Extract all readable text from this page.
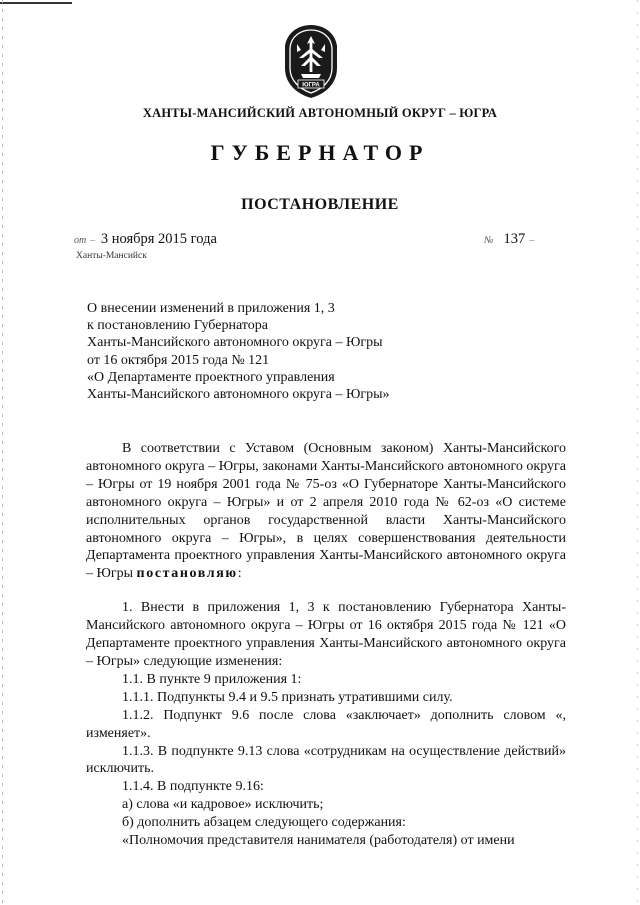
ЮГРА
ХАНТЫ-МАНСИЙСКИЙ АВТОНОМНЫЙ ОКРУГ – ЮГРА
ГУБЕРНАТОР
ПОСТАНОВЛЕНИЕ
от – 3 ноября 2015 года	№ 137 –
Ханты-Мансийск
О внесении изменений в приложения 1, 3
к постановлению Губернатора
Ханты-Мансийского автономного округа – Югры
от 16 октября 2015 года № 121
«О Департаменте проектного управления
Ханты-Мансийского автономного округа – Югры»

В соответствии с Уставом (Основным законом) Ханты-Мансийского автономного округа – Югры, законами Ханты-Мансийского автономного округа – Югры от 19 ноября 2001 года № 75-оз «О Губернаторе Ханты-Мансийского автономного округа – Югры» и от 2 апреля 2010 года № 62-оз «О системе исполнительных органов государственной власти Ханты-Мансийского автономного округа – Югры», в целях совершенствования деятельности Департамента проектного управления Ханты-Мансийского автономного округа – Югры постановляю:

1. Внести в приложения 1, 3 к постановлению Губернатора Ханты-Мансийского автономного округа – Югры от 16 октября 2015 года № 121 «О Департаменте проектного управления Ханты-Мансийского автономного округа – Югры» следующие изменения:

1.1. В пункте 9 приложения 1:

1.1.1. Подпункты 9.4 и 9.5 признать утратившими силу.

1.1.2. Подпункт 9.6 после слова «заключает» дополнить словом «, изменяет».

1.1.3. В подпункте 9.13 слова «сотрудникам на осуществление действий» исключить.

1.1.4. В подпункте 9.16:

а) слова «и кадровое» исключить;

б) дополнить абзацем следующего содержания:

«Полномочия представителя нанимателя (работодателя) от имени
